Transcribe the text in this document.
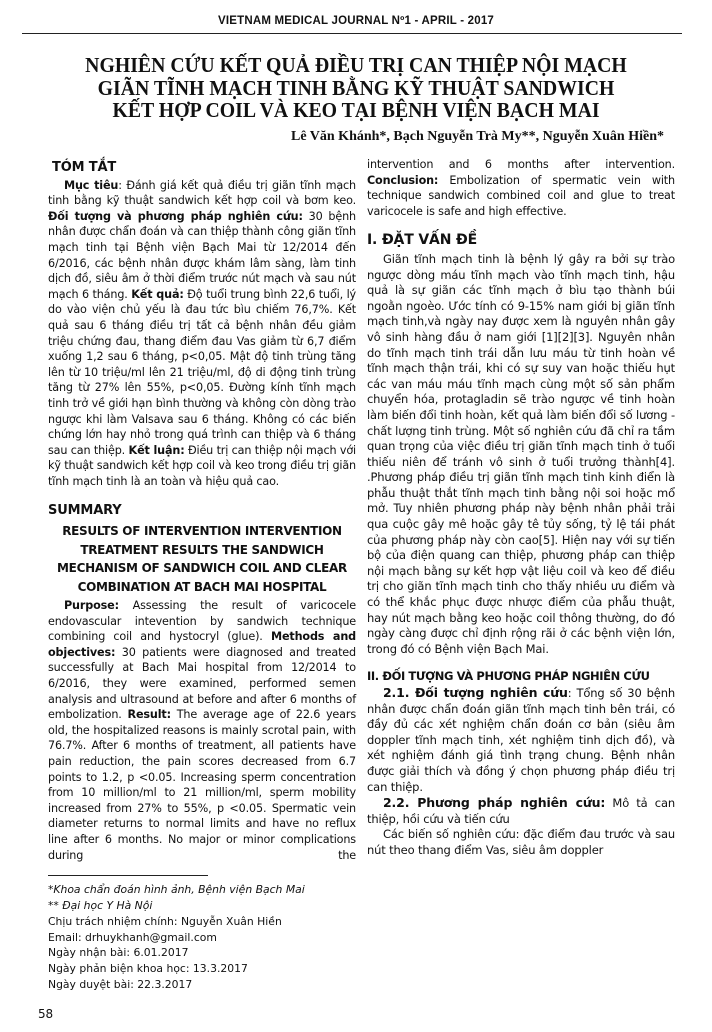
VIETNAM MEDICAL JOURNAL Nº1 - APRIL - 2017
NGHIÊN CỨU KẾT QUẢ ĐIỀU TRỊ CAN THIỆP NỘI MẠCH
GIÃN TĨNH MẠCH TINH BẰNG KỸ THUẬT SANDWICH
KẾT HỢP COIL VÀ KEO TẠI BỆNH VIỆN BẠCH MAI
Lê Văn Khánh*, Bạch Nguyễn Trà My**, Nguyễn Xuân Hiền*
TÓM TẮT

Mục tiêu: Đánh giá kết quả điều trị giãn tĩnh mạch tinh bằng kỹ thuật sandwich kết hợp coil và bơm keo. Đối tượng và phương pháp nghiên cứu: 30 bệnh nhân được chẩn đoán và can thiệp thành công giãn tĩnh mạch tinh tại Bệnh viện Bạch Mai từ 12/2014 đến 6/2016, các bệnh nhân được khám lâm sàng, làm tinh dịch đồ, siêu âm ở thời điểm trước nút mạch và sau nút mạch 6 tháng. Kết quả: Độ tuổi trung bình 22,6 tuổi, lý do vào viện chủ yếu là đau tức bìu chiếm 76,7%. Kết quả sau 6 tháng điều trị tất cả bệnh nhân đều giảm triệu chứng đau, thang điểm đau Vas giảm từ 6,7 điểm xuống 1,2 sau 6 tháng, p<0,05. Mật độ tinh trùng tăng lên từ 10 triệu/ml lên 21 triệu/ml, độ di động tinh trùng tăng từ 27% lên 55%, p<0,05. Đường kính tĩnh mạch tinh trở về giới hạn bình thường và không còn dòng trào ngược khi làm Valsava sau 6 tháng. Không có các biến chứng lớn hay nhỏ trong quá trình can thiệp và 6 tháng sau can thiệp. Kết luận: Điều trị can thiệp nội mạch với kỹ thuật sandwich kết hợp coil và keo trong điều trị giãn tĩnh mạch tinh là an toàn và hiệu quả cao.

SUMMARY
RESULTS OF INTERVENTION INTERVENTION
TREATMENT RESULTS THE SANDWICH
MECHANISM OF SANDWICH COIL AND CLEAR
COMBINATION AT BACH MAI HOSPITAL

Purpose: Assessing the result of varicocele endovascular intevention by sandwich technique combining coil and hystocryl (glue). Methods and objectives: 30 patients were diagnosed and treated successfully at Bach Mai hospital from 12/2014 to 6/2016, they were examined, performed semen analysis and ultrasound at before and after 6 months of embolization. Result: The average age of 22.6 years old, the hospitalized reasons is mainly scrotal pain, with 76.7%. After 6 months of treatment, all patients have pain reduction, the pain scores decreased from 6.7 points to 1.2, p <0.05. Increasing sperm concentration from 10 million/ml to 21 million/ml, sperm mobility increased from 27% to 55%, p <0.05. Spermatic vein diameter returns to normal limits and have no reflux line after 6 months. No major or minor complications during the

*Khoa chẩn đoán hình ảnh, Bệnh viện Bạch Mai
** Đại học Y Hà Nội
Chịu trách nhiệm chính: Nguyễn Xuân Hiền
Email: drhuykhanh@gmail.com
Ngày nhận bài: 6.01.2017
Ngày phản biện khoa học: 13.3.2017
Ngày duyệt bài: 22.3.2017
58

intervention and 6 months after intervention. Conclusion: Embolization of spermatic vein with technique sandwich combined coil and glue to treat varicocele is safe and high effective.

I. ĐẶT VẤN ĐỀ

Giãn tĩnh mạch tinh là bệnh lý gây ra bởi sự trào ngược dòng máu tĩnh mạch vào tĩnh mạch tinh, hậu quả là sự giãn các tĩnh mạch ở bìu tạo thành búi ngoằn ngoèo. Ước tính có 9-15% nam giới bị giãn tĩnh mạch tinh,và ngày nay được xem là nguyên nhân gây vô sinh hàng đầu ở nam giới [1][2][3]. Nguyên nhân do tĩnh mạch tinh trái dẫn lưu máu từ tinh hoàn về tĩnh mạch thận trái, khi có sự suy van hoặc thiếu hụt các van máu máu tĩnh mạch cùng một số sản phẩm chuyển hóa, protagladin sẽ trào ngược về tinh hoàn làm biến đổi tinh hoàn, kết quả làm biến đổi số lương - chất lượng tinh trùng. Một số nghiên cứu đã chỉ ra tầm quan trọng của việc điều trị giãn tĩnh mạch tinh ở tuổi thiếu niên để tránh vô sinh ở tuổi trưởng thành[4]. .Phương pháp điều trị giãn tĩnh mạch tinh kinh điển là phẫu thuật thắt tĩnh mạch tinh bằng nội soi hoặc mổ mở. Tuy nhiên phương pháp này bệnh nhân phải trải qua cuộc gây mê hoặc gây tê tủy sống, tỷ lệ tái phát của phương pháp này còn cao[5]. Hiện nay với sự tiến bộ của điện quang can thiệp, phương pháp can thiệp nội mạch bằng sự kết hợp vật liệu coil và keo để điều trị cho giãn tĩnh mạch tinh cho thấy nhiều ưu điểm và có thể khắc phục được nhược điểm của phẫu thuật, hay nút mạch bằng keo hoặc coil thông thường, do đó ngày càng được chỉ định rộng rãi ở các bệnh viện lớn, trong đó có Bệnh viện Bạch Mai.

II. ĐỐI TƯỢNG VÀ PHƯƠNG PHÁP NGHIÊN CỨU

2.1. Đối tượng nghiên cứu: Tổng số 30 bệnh nhân được chẩn đoán giãn tĩnh mạch tinh bên trái, có đầy đủ các xét nghiệm chẩn đoán cơ bản (siêu âm doppler tĩnh mạch tinh, xét nghiệm tinh dịch đồ), và xét nghiệm đánh giá tình trạng chung. Bệnh nhân được giải thích và đồng ý chọn phương pháp điều trị can thiệp.

2.2. Phương pháp nghiên cứu: Mô tả can thiệp, hồi cứu và tiến cứu

Các biến số nghiên cứu: đặc điểm đau trước và sau nút theo thang điểm Vas, siêu âm doppler
